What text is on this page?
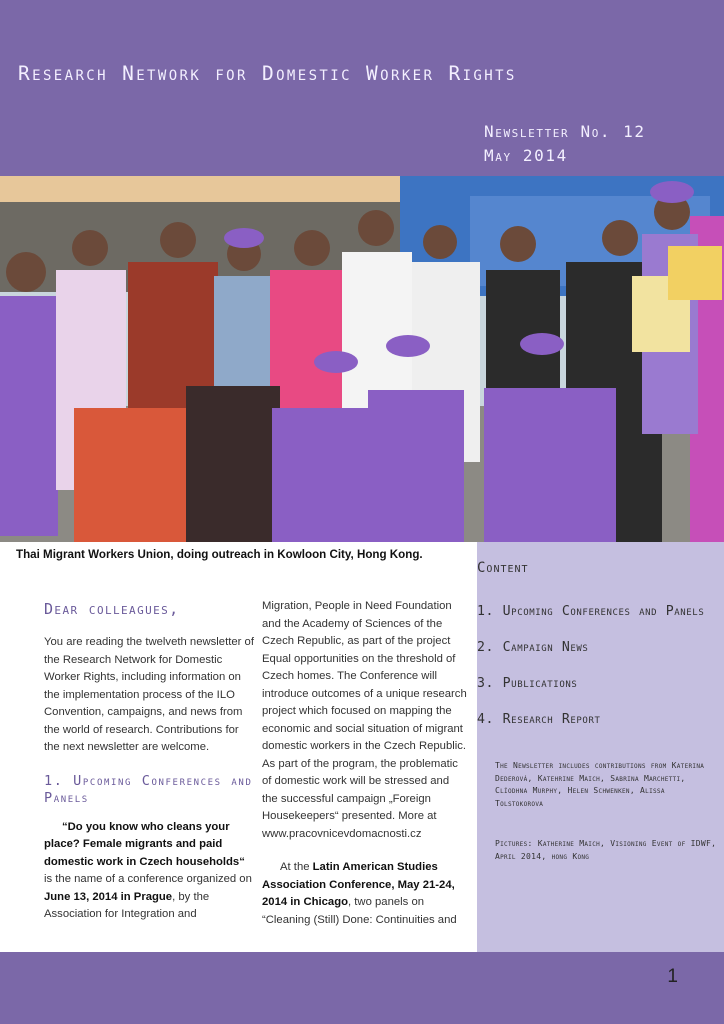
Research Network for Domestic Worker Rights
Newsletter No. 12
May 2014
Thai Migrant Workers Union, doing outreach in Kowloon City, Hong Kong.
Content
1. Upcoming Conferences and Panels
2. Campaign News
3. Publications
4. Research Report
The Newsletter includes contributions from Katerina Dederová, Katehrine Maich, Sabrina Marchetti, Clíodhna Murphy, Helen Schwenken, Alissa Tolstokorova
Pictures: Katherine Maich, Visioning Event of IDWF, April 2014, hong Kong
Dear colleagues,
You are reading the twelveth newsletter of the Research Network for Domestic Worker Rights, including information on the implementation process of the ILO Convention, campaigns, and news from the world of research. Contributions for the next newsletter are welcome.
1. Upcoming Conferences and Panels
“Do you know who cleans your place? Female migrants and paid domestic work in Czech households“ is the name of a conference organized on June 13, 2014 in Prague, by the Association for Integration and
Migration, People in Need Foundation and the Academy of Sciences of the Czech Republic, as part of the project Equal opportunities on the threshold of Czech homes. The Conference will introduce outcomes of a unique research project which focused on mapping the economic and social situation of migrant domestic workers in the Czech Republic. As part of the program, the problematic of domestic work will be stressed and the successful campaign „Foreign Housekeepers“ presented. More at www.pracovnicevdomacnosti.cz
At the Latin American Studies Association Conference, May 21-24, 2014 in Chicago, two panels on “Cleaning (Still) Done: Continuities and
1
